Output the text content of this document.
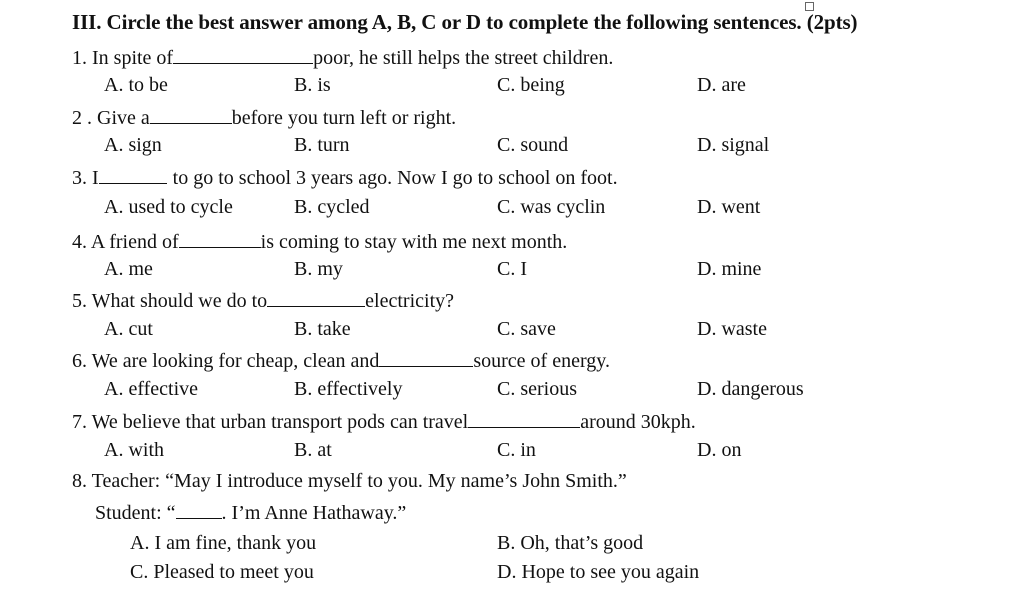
III. Circle the best answer among A, B, C or D to complete the following sentences. (2pts)
1. In spite of	poor, he still helps the street children.
A. to be	B. is	C. being	D. are
2 . Give a	before you turn left or right.
A. sign	B. turn	C. sound	D. signal
3. I	to go to school 3 years ago. Now I go to school on foot.
A. used to cycle	B. cycled	C. was cyclin	D. went
4. A friend of	is coming to stay with me next month.
A. me	B. my	C. I	D. mine
5. What should we do to	electricity?
A. cut	B. take	C. save	D. waste
6. We are looking for cheap, clean and	source of energy.
A. effective	B. effectively	C. serious	D. dangerous
7. We believe that urban transport pods can travel	around 30kph.
A. with	B. at	C. in	D. on
8. Teacher: “May I introduce myself to you. My name’s John Smith.”
Student: “ . I’m Anne Hathaway.”
A. I am fine, thank you	B. Oh, that’s good
C. Pleased to meet you	D. Hope to see you again
